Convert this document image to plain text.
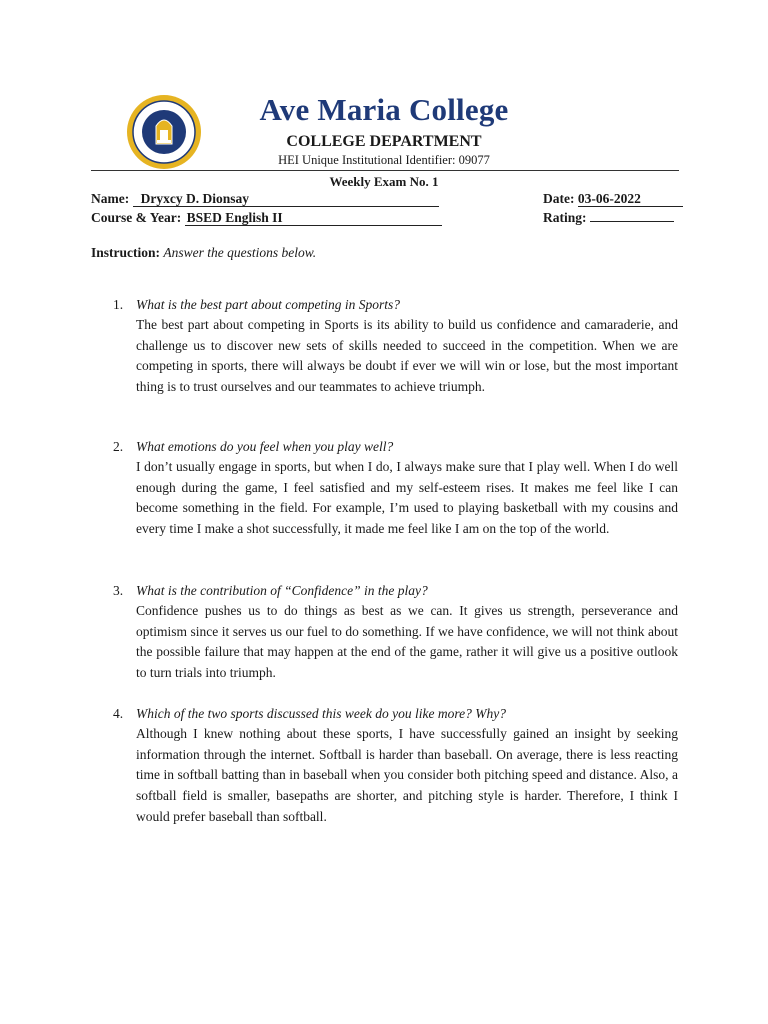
Ave Maria College
COLLEGE DEPARTMENT
HEI Unique Institutional Identifier: 09077
Weekly Exam No. 1
Name: Dryxcy D. Dionsay
Course & Year: BSED English II
Date: 03-06-2022
Rating:
Instruction: Answer the questions below.
1. What is the best part about competing in Sports?
The best part about competing in Sports is its ability to build us confidence and camaraderie, and challenge us to discover new sets of skills needed to succeed in the competition. When we are competing in sports, there will always be doubt if ever we will win or lose, but the most important thing is to trust ourselves and our teammates to achieve triumph.
2. What emotions do you feel when you play well?
I don’t usually engage in sports, but when I do, I always make sure that I play well. When I do well enough during the game, I feel satisfied and my self-esteem rises. It makes me feel like I can become something in the field. For example, I’m used to playing basketball with my cousins and every time I make a shot successfully, it made me feel like I am on the top of the world.
3. What is the contribution of “Confidence” in the play?
Confidence pushes us to do things as best as we can. It gives us strength, perseverance and optimism since it serves us our fuel to do something. If we have confidence, we will not think about the possible failure that may happen at the end of the game, rather it will give us a positive outlook to turn trials into triumph.
4. Which of the two sports discussed this week do you like more? Why?
Although I knew nothing about these sports, I have successfully gained an insight by seeking information through the internet. Softball is harder than baseball. On average, there is less reacting time in softball batting than in baseball when you consider both pitching speed and distance. Also, a softball field is smaller, basepaths are shorter, and pitching style is harder. Therefore, I think I would prefer baseball than softball.
